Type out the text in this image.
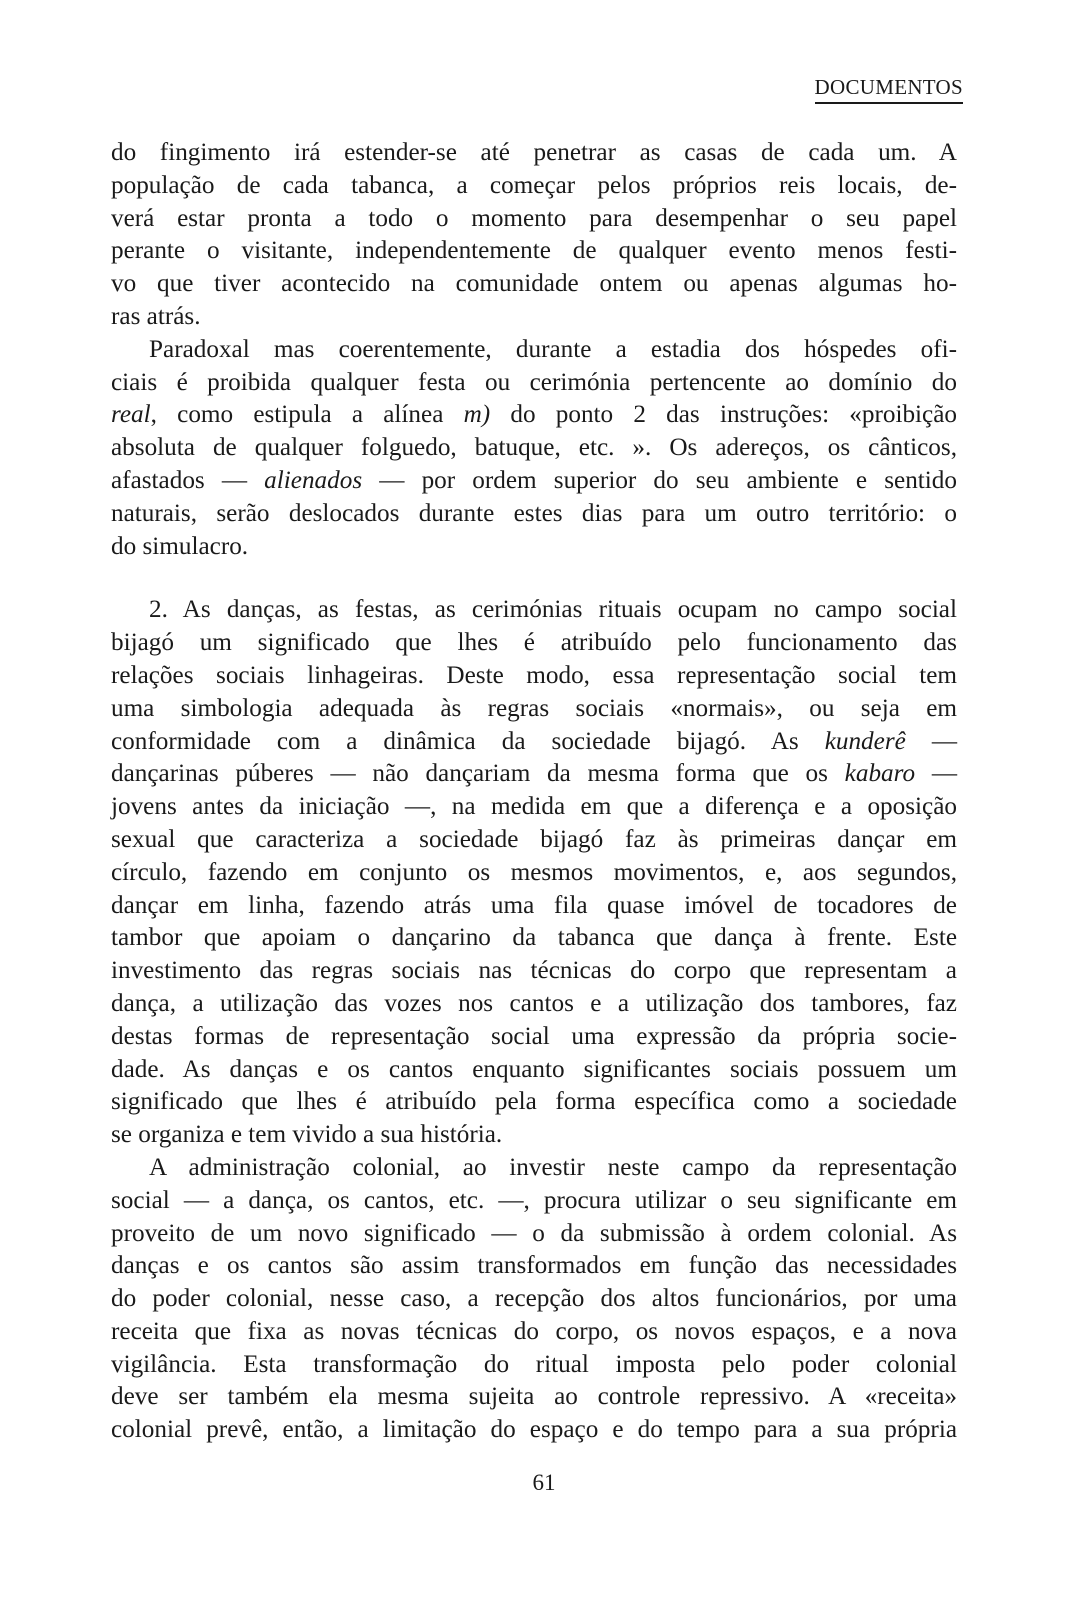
DOCUMENTOS
do fingimento irá estender-se até penetrar as casas de cada um. A
população de cada tabanca, a começar pelos próprios reis locais, de-
verá estar pronta a todo o momento para desempenhar o seu papel
perante o visitante, independentemente de qualquer evento menos festi-
vo que tiver acontecido na comunidade ontem ou apenas algumas ho-
ras atrás.
Paradoxal mas coerentemente, durante a estadia dos hóspedes ofi-
ciais é proibida qualquer festa ou cerimónia pertencente ao domínio do
real, como estipula a alínea m) do ponto 2 das instruções: «proibição
absoluta de qualquer folguedo, batuque, etc. ». Os adereços, os cânticos,
afastados — alienados — por ordem superior do seu ambiente e sentido
naturais, serão deslocados durante estes dias para um outro território: o
do simulacro.
2. As danças, as festas, as cerimónias rituais ocupam no campo social
bijagó um significado que lhes é atribuído pelo funcionamento das
relações sociais linhageiras. Deste modo, essa representação social tem
uma simbologia adequada às regras sociais «normais», ou seja em
conformidade com a dinâmica da sociedade bijagó. As kunderê —
dançarinas púberes — não dançariam da mesma forma que os kabaro —
jovens antes da iniciação —, na medida em que a diferença e a oposição
sexual que caracteriza a sociedade bijagó faz às primeiras dançar em
círculo, fazendo em conjunto os mesmos movimentos, e, aos segundos,
dançar em linha, fazendo atrás uma fila quase imóvel de tocadores de
tambor que apoiam o dançarino da tabanca que dança à frente. Este
investimento das regras sociais nas técnicas do corpo que representam a
dança, a utilização das vozes nos cantos e a utilização dos tambores, faz
destas formas de representação social uma expressão da própria socie-
dade. As danças e os cantos enquanto significantes sociais possuem um
significado que lhes é atribuído pela forma específica como a sociedade
se organiza e tem vivido a sua história.
A administração colonial, ao investir neste campo da representação
social — a dança, os cantos, etc. —, procura utilizar o seu significante em
proveito de um novo significado — o da submissão à ordem colonial. As
danças e os cantos são assim transformados em função das necessidades
do poder colonial, nesse caso, a recepção dos altos funcionários, por uma
receita que fixa as novas técnicas do corpo, os novos espaços, e a nova
vigilância. Esta transformação do ritual imposta pelo poder colonial
deve ser também ela mesma sujeita ao controle repressivo. A «receita»
colonial prevê, então, a limitação do espaço e do tempo para a sua própria
61
